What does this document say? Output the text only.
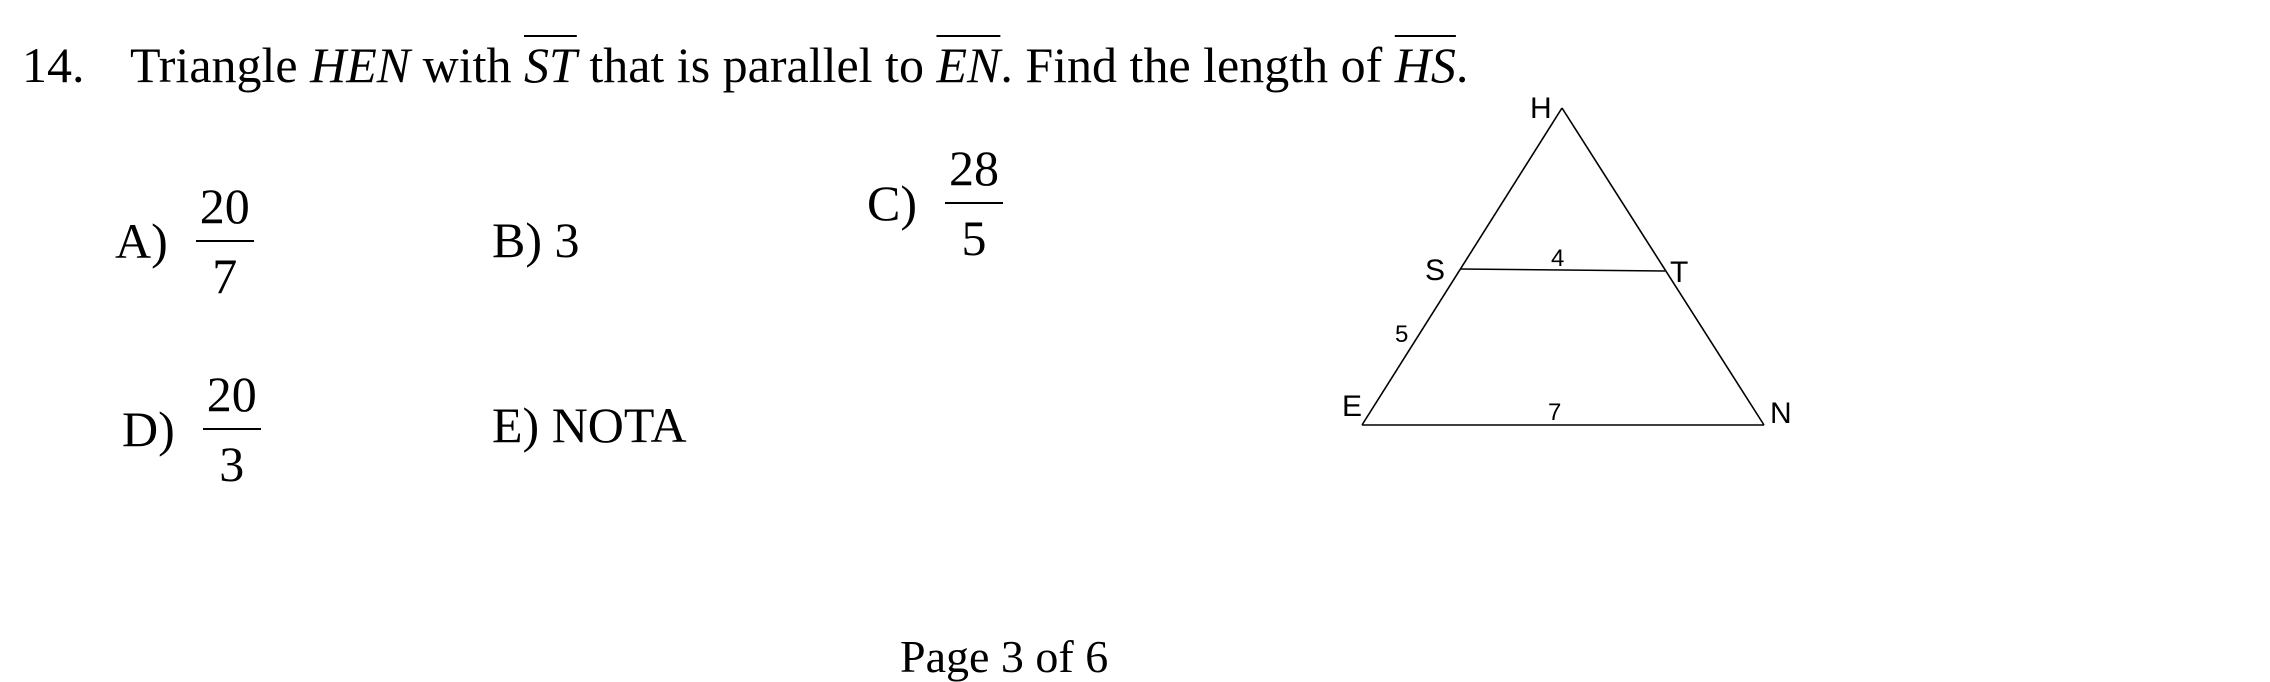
14. Triangle HEN with $\overline{ST}$ that is parallel to $\overline{EN}$. Find the length of $\overline{HS}$.
$A) \frac{20}{7}$	B) 3
$C) \frac{28}{5}$
$D) \frac{20}{3}$	E) NOTA
H
S	T
E	N
4
5
7
Page 3 of 6
